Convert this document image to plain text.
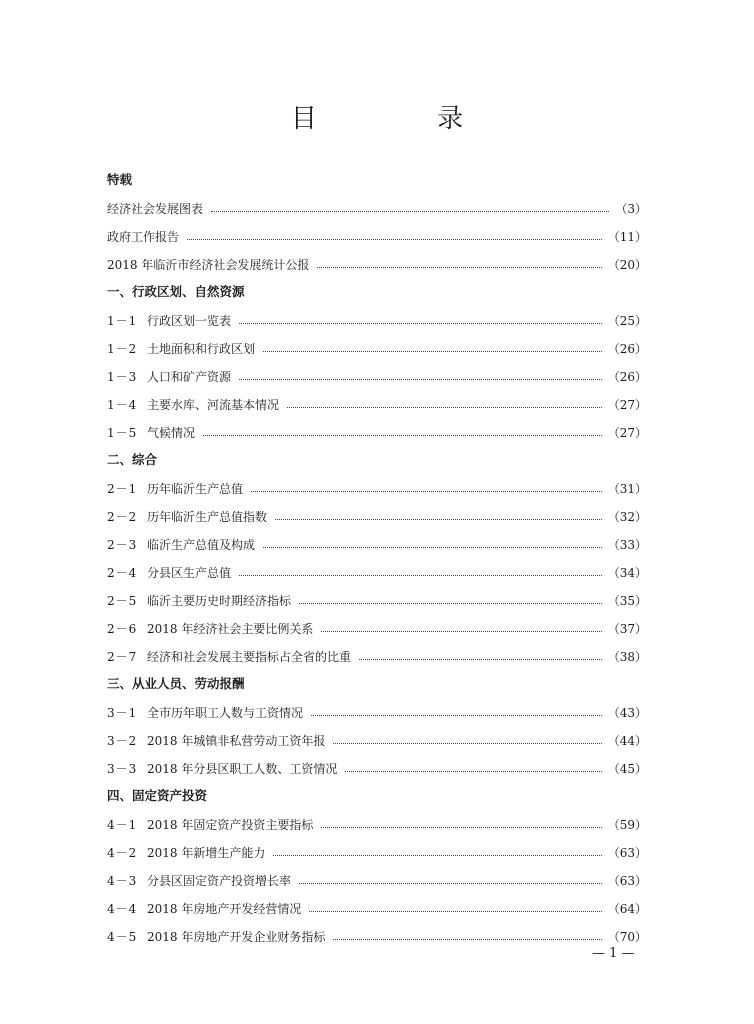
目 录
特载
经济社会发展图表	（3）
政府工作报告	（11）
2018 年临沂市经济社会发展统计公报	（20）
一、行政区划、自然资源
1－1 行政区划一览表	（25）
1－2 土地面积和行政区划	（26）
1－3 人口和矿产资源	（26）
1－4 主要水库、河流基本情况	（27）
1－5 气候情况	（27）
二、综合
2－1 历年临沂生产总值	（31）
2－2 历年临沂生产总值指数	（32）
2－3 临沂生产总值及构成	（33）
2－4 分县区生产总值	（34）
2－5 临沂主要历史时期经济指标	（35）
2－6 2018 年经济社会主要比例关系	（37）
2－7 经济和社会发展主要指标占全省的比重	（38）
三、从业人员、劳动报酬
3－1 全市历年职工人数与工资情况	（43）
3－2 2018 年城镇非私营劳动工资年报	（44）
3－3 2018 年分县区职工人数、工资情况	（45）
四、固定资产投资
4－1 2018 年固定资产投资主要指标	（59）
4－2 2018 年新增生产能力	（63）
4－3 分县区固定资产投资增长率	（63）
4－4 2018 年房地产开发经营情况	（64）
4－5 2018 年房地产开发企业财务指标	（70）
— 1 —
